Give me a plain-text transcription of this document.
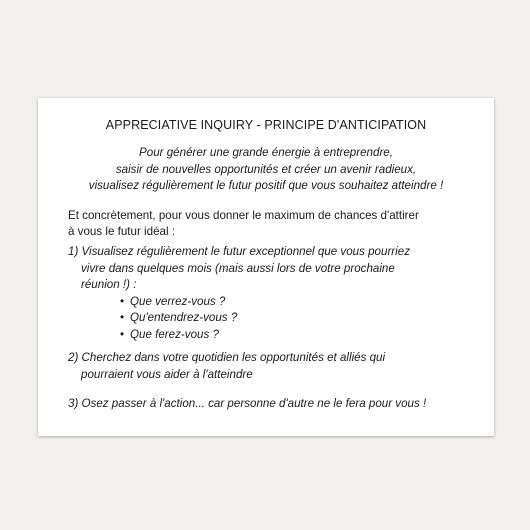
APPRECIATIVE INQUIRY - PRINCIPE D'ANTICIPATION
Pour générer une grande énergie à entreprendre,
saisir de nouvelles opportunités et créer un avenir radieux,
visualisez régulièrement le futur positif que vous souhaitez atteindre !
Et concrètement, pour vous donner le maximum de chances d'attirer
à vous le futur idéal :
1) Visualisez régulièrement le futur exceptionnel que vous pourriez
vivre dans quelques mois (mais aussi lors de votre prochaine
réunion !) :
• Que verrez-vous ?
• Qu'entendrez-vous ?
• Que ferez-vous ?
2) Cherchez dans votre quotidien les opportunités et alliés qui
pourraient vous aider à l'atteindre
3) Osez passer à l'action... car personne d'autre ne le fera pour vous !
